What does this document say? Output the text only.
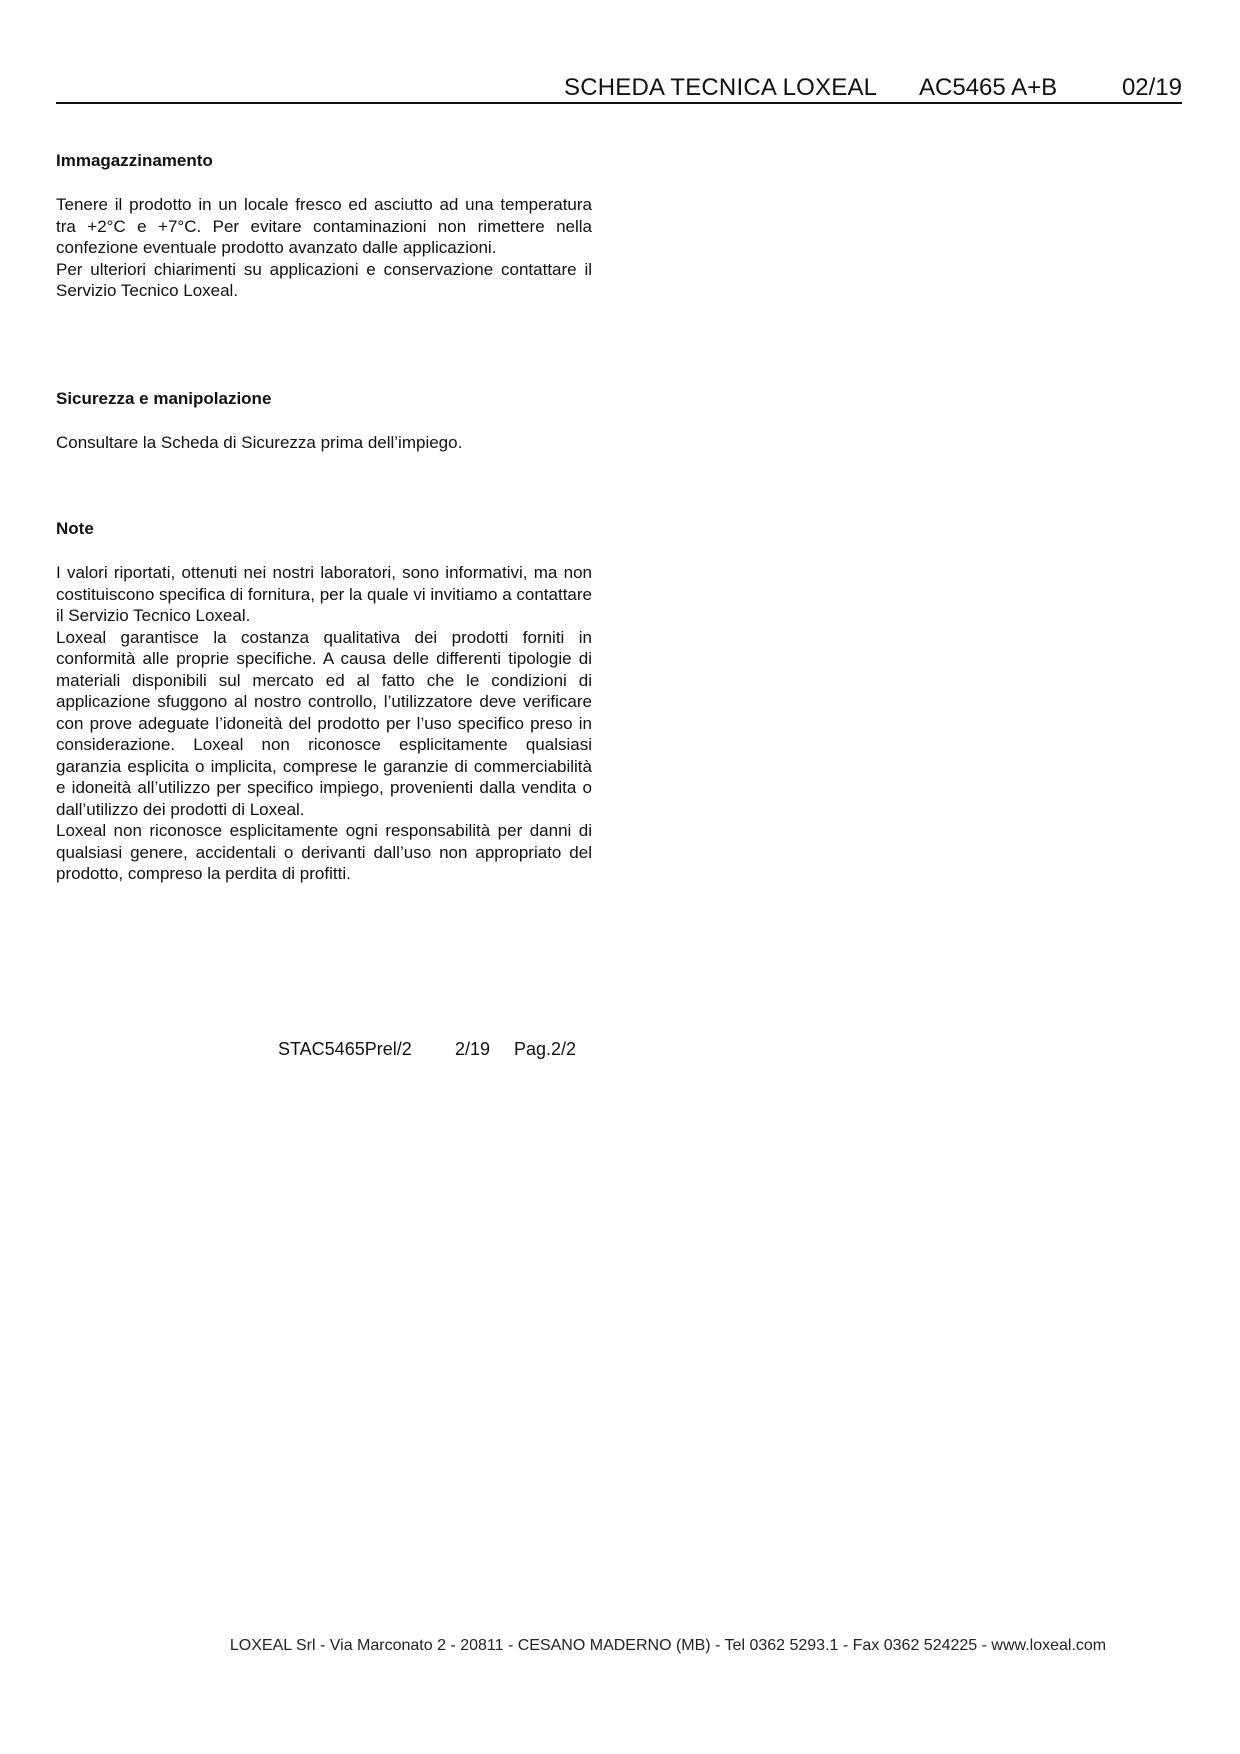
SCHEDA TECNICA LOXEAL AC5465 A+B	02/19

Immagazzinamento

Tenere il prodotto in un locale fresco ed asciutto ad una temperatura tra +2°C e +7°C. Per evitare contaminazioni non rimettere nella confezione eventuale prodotto avanzato dalle applicazioni.

Per ulteriori chiarimenti su applicazioni e conservazione contattare il Servizio Tecnico Loxeal.

Sicurezza e manipolazione

Consultare la Scheda di Sicurezza prima dell’impiego.

Note

I valori riportati, ottenuti nei nostri laboratori, sono informativi, ma non costituiscono specifica di fornitura, per la quale vi invitiamo a contattare il Servizio Tecnico Loxeal.

Loxeal garantisce la costanza qualitativa dei prodotti forniti in conformità alle proprie specifiche. A causa delle differenti tipologie di materiali disponibili sul mercato ed al fatto che le condizioni di applicazione sfuggono al nostro controllo, l’utilizzatore deve verificare con prove adeguate l’idoneità del prodotto per l’uso specifico preso in considerazione. Loxeal non riconosce esplicitamente qualsiasi garanzia esplicita o implicita, comprese le garanzie di commerciabilità e idoneità all’utilizzo per specifico impiego, provenienti dalla vendita o dall’utilizzo dei prodotti di Loxeal.

Loxeal non riconosce esplicitamente ogni responsabilità per danni di qualsiasi genere, accidentali o derivanti dall’uso non appropriato del prodotto, compreso la perdita di profitti.

STAC5465Prel/2 2/19 Pag.2/2
LOXEAL Srl - Via Marconato 2 - 20811 - CESANO MADERNO (MB) - Tel 0362 5293.1 - Fax 0362 524225 - www.loxeal.com
